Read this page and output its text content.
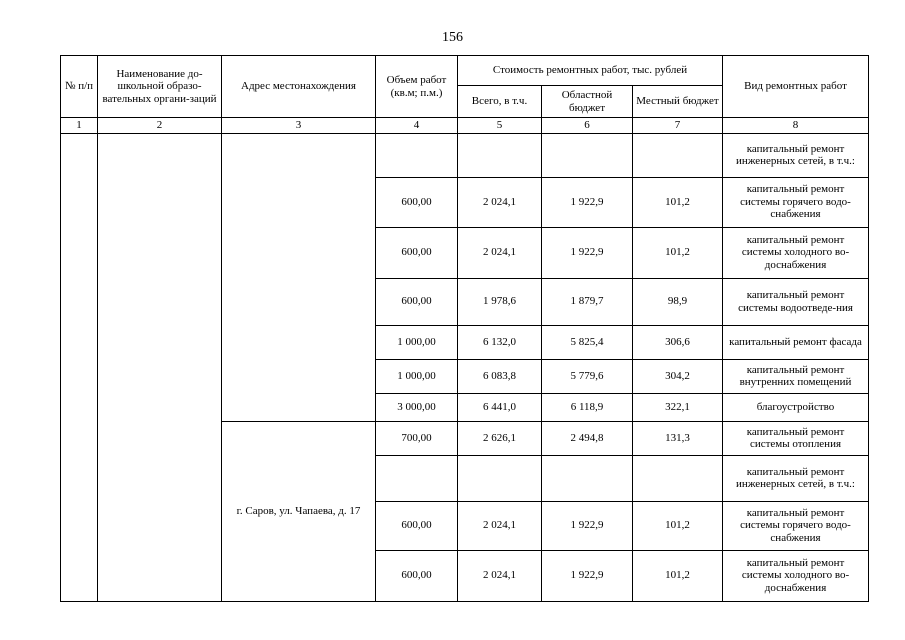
156
№ п/п	Наименование до-школьной образо-вательных органи-заций	Адрес местонахождения	Объем работ (кв.м; п.м.)	Стоимость ремонтных работ, тыс. рублей			Вид ремонтных работ
				Всего, в т.ч.	Областной бюджет	Местный бюджет	
1	2	3	4	5	6	7	8
							капитальный ремонт инженерных сетей, в т.ч.:
			600,00	2 024,1	1 922,9	101,2	капитальный ремонт системы горячего водо-снабжения
			600,00	2 024,1	1 922,9	101,2	капитальный ремонт системы холодного во-доснабжения
			600,00	1 978,6	1 879,7	98,9	капитальный ремонт системы водоотведе-ния
			1 000,00	6 132,0	5 825,4	306,6	капитальный ремонт фасада
			1 000,00	6 083,8	5 779,6	304,2	капитальный ремонт внутренних помещений
			3 000,00	6 441,0	6 118,9	322,1	благоустройство
		г. Саров, ул. Чапаева, д. 17	700,00	2 626,1	2 494,8	131,3	капитальный ремонт системы отопления
							капитальный ремонт инженерных сетей, в т.ч.:
			600,00	2 024,1	1 922,9	101,2	капитальный ремонт системы горячего водо-снабжения
			600,00	2 024,1	1 922,9	101,2	капитальный ремонт системы холодного во-доснабжения
